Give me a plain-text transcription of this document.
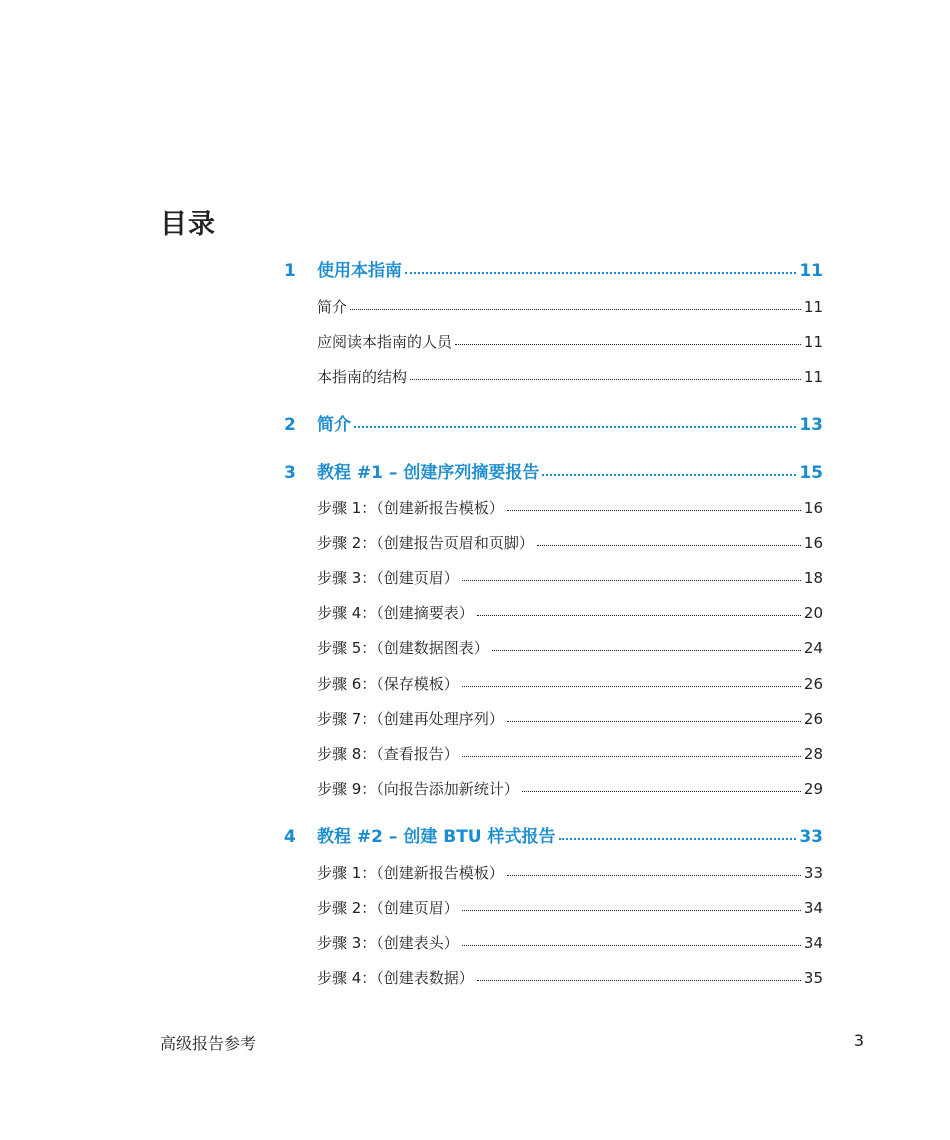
目录
1	使用本指南	11
简介	11
应阅读本指南的人员	11
本指南的结构	11
2	简介	13
3	教程 #1 – 创建序列摘要报告	15
步骤 1：（创建新报告模板）	16
步骤 2：（创建报告页眉和页脚）	16
步骤 3：（创建页眉）	18
步骤 4：（创建摘要表）	20
步骤 5：（创建数据图表）	24
步骤 6：（保存模板）	26
步骤 7：（创建再处理序列）	26
步骤 8：（查看报告）	28
步骤 9：（向报告添加新统计）	29
4	教程 #2 – 创建 BTU 样式报告	33
步骤 1：（创建新报告模板）	33
步骤 2：（创建页眉）	34
步骤 3：（创建表头）	34
步骤 4：（创建表数据）	35
高级报告参考	3
